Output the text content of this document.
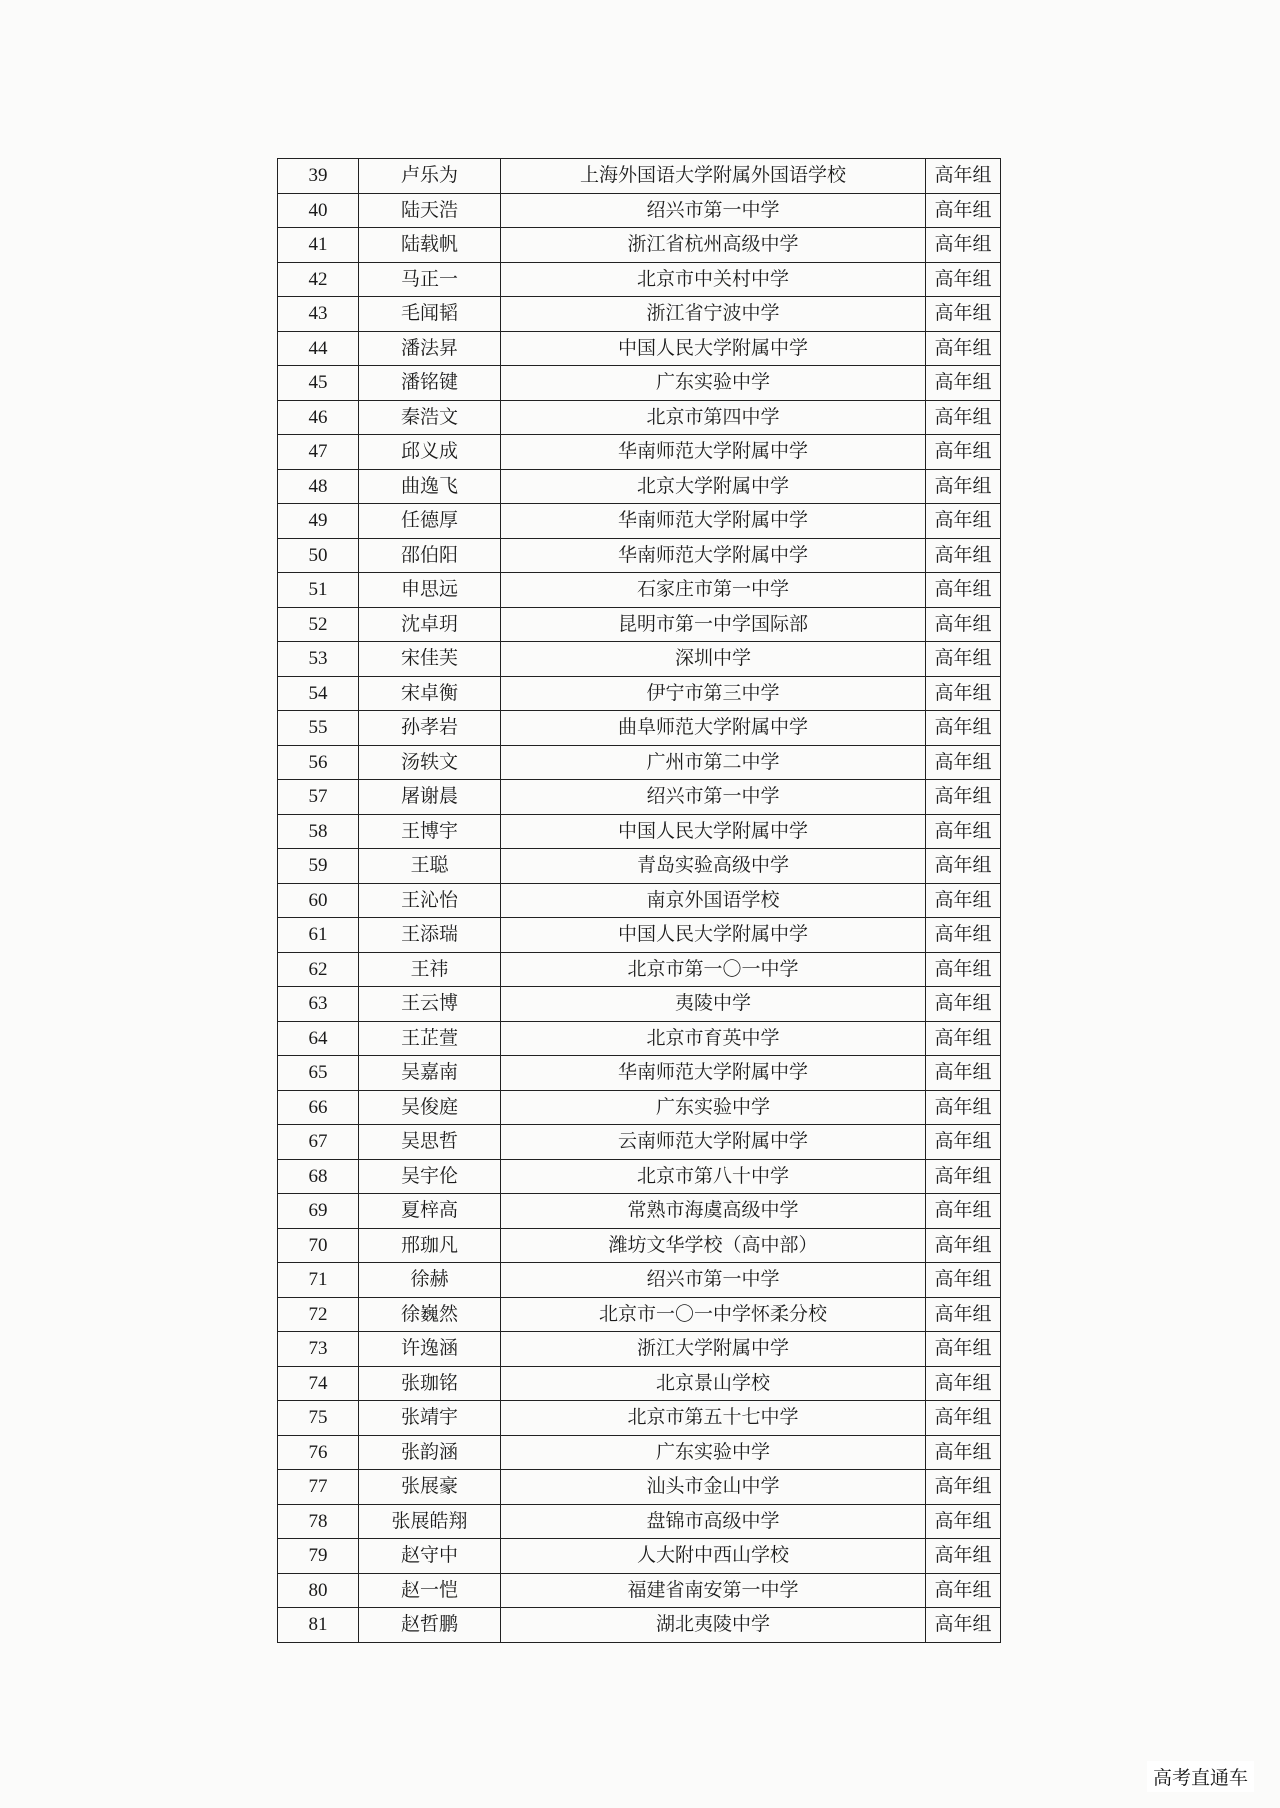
39	卢乐为	上海外国语大学附属外国语学校	高年组
40	陆天浩	绍兴市第一中学	高年组
41	陆载帆	浙江省杭州高级中学	高年组
42	马正一	北京市中关村中学	高年组
43	毛闻韬	浙江省宁波中学	高年组
44	潘法昇	中国人民大学附属中学	高年组
45	潘铭键	广东实验中学	高年组
46	秦浩文	北京市第四中学	高年组
47	邱义成	华南师范大学附属中学	高年组
48	曲逸飞	北京大学附属中学	高年组
49	任德厚	华南师范大学附属中学	高年组
50	邵伯阳	华南师范大学附属中学	高年组
51	申思远	石家庄市第一中学	高年组
52	沈卓玥	昆明市第一中学国际部	高年组
53	宋佳芙	深圳中学	高年组
54	宋卓衡	伊宁市第三中学	高年组
55	孙孝岩	曲阜师范大学附属中学	高年组
56	汤轶文	广州市第二中学	高年组
57	屠谢晨	绍兴市第一中学	高年组
58	王博宇	中国人民大学附属中学	高年组
59	王聪	青岛实验高级中学	高年组
60	王沁怡	南京外国语学校	高年组
61	王添瑞	中国人民大学附属中学	高年组
62	王祎	北京市第一〇一中学	高年组
63	王云博	夷陵中学	高年组
64	王芷萱	北京市育英中学	高年组
65	吴嘉南	华南师范大学附属中学	高年组
66	吴俊庭	广东实验中学	高年组
67	吴思哲	云南师范大学附属中学	高年组
68	吴宇伦	北京市第八十中学	高年组
69	夏梓高	常熟市海虞高级中学	高年组
70	邢珈凡	潍坊文华学校（高中部）	高年组
71	徐赫	绍兴市第一中学	高年组
72	徐巍然	北京市一〇一中学怀柔分校	高年组
73	许逸涵	浙江大学附属中学	高年组
74	张珈铭	北京景山学校	高年组
75	张靖宇	北京市第五十七中学	高年组
76	张韵涵	广东实验中学	高年组
77	张展豪	汕头市金山中学	高年组
78	张展皓翔	盘锦市高级中学	高年组
79	赵守中	人大附中西山学校	高年组
80	赵一恺	福建省南安第一中学	高年组
81	赵哲鹏	湖北夷陵中学	高年组
高考直通车
